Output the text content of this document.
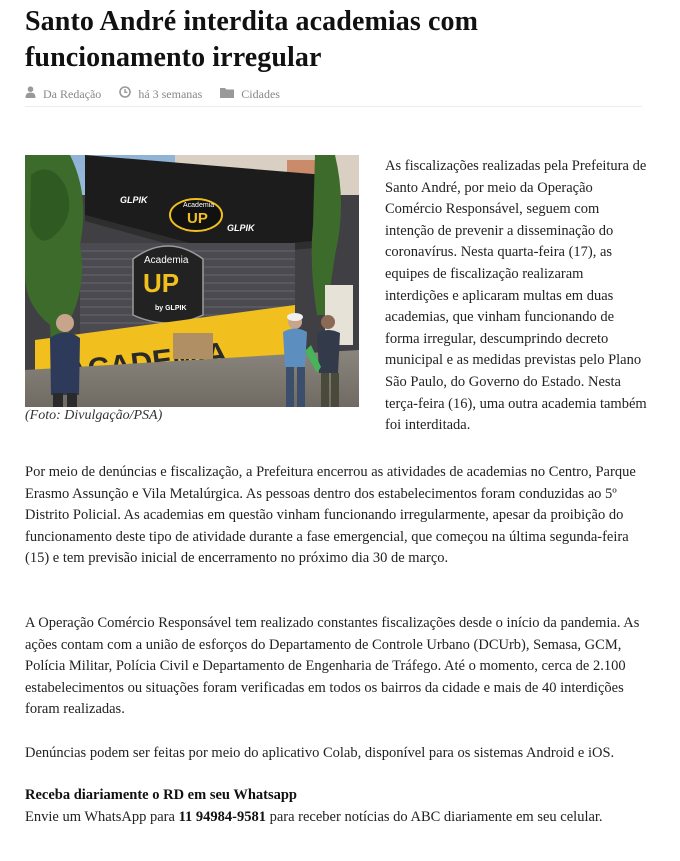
Santo André interdita academias com funcionamento irregular
Da Redação	há 3 semanas	Cidades
GLPIK
GLPIK
Academia
UP
Academia
UP
by GLPIK
(Foto: Divulgação/PSA)

As fiscalizações realizadas pela Prefeitura de Santo André, por meio da Operação Comércio Responsável, seguem com intenção de prevenir a disseminação do coronavírus. Nesta quarta-feira (17), as equipes de fiscalização realizaram interdições e aplicaram multas em duas academias, que vinham funcionando de forma irregular, descumprindo decreto municipal e as medidas previstas pelo Plano São Paulo, do Governo do Estado. Nesta terça-feira (16), uma outra academia também foi interditada.

Por meio de denúncias e fiscalização, a Prefeitura encerrou as atividades de academias no Centro, Parque Erasmo Assunção e Vila Metalúrgica. As pessoas dentro dos estabelecimentos foram conduzidas ao 5º Distrito Policial. As academias em questão vinham funcionando irregularmente, apesar da proibição do funcionamento deste tipo de atividade durante a fase emergencial, que começou na última segunda-feira (15) e tem previsão inicial de encerramento no próximo dia 30 de março.

A Operação Comércio Responsável tem realizado constantes fiscalizações desde o início da pandemia. As ações contam com a união de esforços do Departamento de Controle Urbano (DCUrb), Semasa, GCM, Polícia Militar, Polícia Civil e Departamento de Engenharia de Tráfego. Até o momento, cerca de 2.100 estabelecimentos ou situações foram verificadas em todos os bairros da cidade e mais de 40 interdições foram realizadas.

Denúncias podem ser feitas por meio do aplicativo Colab, disponível para os sistemas Android e iOS.

Receba diariamente o RD em seu Whatsapp
Envie um WhatsApp para 11 94984-9581 para receber notícias do ABC diariamente em seu celular.
